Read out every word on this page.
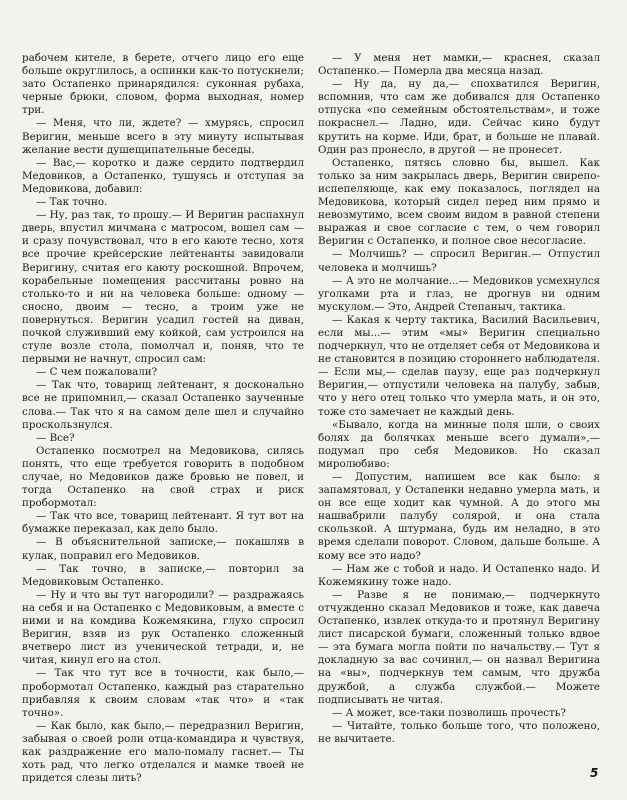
рабочем кителе, в берете, отчего лицо его еще больше округлилось, а оспинки как-то потускнели; зато Остапенко принарядился: суконная рубаха, черные брюки, словом, форма выходная, номер три.

— Меня, что ли, ждете? — хмурясь, спросил Веригин, меньше всего в эту минуту испытывая желание вести душещипательные беседы.

— Вас,— коротко и даже сердито подтвердил Медовиков, а Остапенко, тушуясь и отступая за Медовикова, добавил:

— Так точно.

— Ну, раз так, то прошу.— И Веригин распахнул дверь, впустил мичмана с матросом, вошел сам — и сразу почувствовал, что в его каюте тесно, хотя все прочие крейсерские лейтенанты завидовали Веригину, считая его каюту роскошной. Впрочем, корабельные помещения рассчитаны ровно на столько-то и ни на человека больше: одному — сносно, двоим — тесно, а троим уже не повернуться. Веригин усадил гостей на диван, почкой служивший ему койкой, сам устроился на стуле возле стола, помолчал и, поняв, что те первыми не начнут, спросил сам:

— С чем пожаловали?

— Так что, товарищ лейтенант, я доскональнo все не припомнил,— сказал Остапенко заученные слова.— Так что я на самом деле шел и случайно проскользнулся.

— Все?

Остапенко посмотрел на Медовикова, силясь понять, что еще требуется говорить в подобном случае, но Медовиков даже бровью не повел, и тогда Остапенко на свой страх и риск пробормотал:

— Так что все, товарищ лейтенант. Я тут вот на бумажке переказал, как дело было.

— В объяснительной записке,— покашляв в кулак, поправил его Медовиков.

— Так точно, в записке,— повторил за Медовиковым Остапенко.

— Ну и что вы тут нагородили? — раздражаясь на себя и на Остапенко с Медовиковым, а вместе с ними и на комдива Кожемякина, глухо спросил Веригин, взяв из рук Остапенко сложенный вчетверо лист из ученической тетради, и, не читая, кинул его на стол.

— Так что тут все в точности, как было,— пробормотал Остапенко, каждый раз старательно прибавляя к своим словам «так что» и «так точно».

— Как было, как было,— передразнил Веригин, забывая о своей роли отца-командира и чувствуя, как раздражение его мало-помалу гаснет.— Ты хоть рад, что легко отделался и мамке твоей не придется слезы лить?

— У меня нет мамки,— краснея, сказал Остапенко.— Померла два месяца назад.

— Ну да, ну да,— спохватился Веригин, вспомнив, что сам же добивался для Остапенко отпуска «по семейным обстоятельствам», и тоже покраснел.— Ладно, иди. Сейчас кино будут крутить на корме. Иди, брат, и больше не плавай. Один раз пронесло, в другой — не пронесет.

Остапенко, пятясь словно бы, вышел. Как только за ним закрылась дверь, Веригин свирепо-испепеляюще, как ему показалось, поглядел на Медовикова, который сидел перед ним прямо и невозмутимо, всем своим видом в равной степени выражая и свое согласие с тем, о чем говорил Веригин с Остапенко, и полное свое несогласие.

— Молчишь? — спросил Веригин.— Отпустил человека и молчишь?

— А это не молчание...— Медовиков усмехнулся уголками рта и глаз, не дрогнув ни одним мускулом.— Это, Андрей Степаныч, тактика.

— Какая к черту тактика, Василий Васильевич, если мы...— этим «мы» Веригин специально подчеркнул, что не отделяет себя от Медовикова и не становится в позицию стороннего наблюдателя.— Если мы,— сделав паузу, еще раз подчеркнул Веригин,— отпустили человека на палубу, забыв, что у него отец только что умерла мать, и он это, тоже сто замечает не каждый день.

«Бывало, когда на минные поля шли, о своих болях да болячках меньше всего думали»,— подумал про себя Медовиков. Но сказал миролюбиво:

— Допустим, напишем все как было: я запамятовал, у Остапенки недавно умерла мать, и он все еще ходит как чумной. А до этого мы нашвабрили палубу солярой, и она стала скользкой. А штурмана, будь им неладно, в это время сделали поворот. Словом, дальше больше. А кому все это надо?

— Нам же с тобой и надо. И Остапенко надо. И Кожемякину тоже надо.

— Разве я не понимаю,— подчеркнуто отчужденно сказал Медовиков и тоже, как давеча Остапенко, извлек откуда-то и протянул Веригину лист писарской бумаги, сложенный только вдвое — эта бумага могла пойти по начальству.— Тут я докладную за вас сочинил,— он назвал Веригина на «вы», подчеркнув тем самым, что дружба дружбой, а служба службой.— Можете подписывать не читая.

— А может, все-таки позволишь прочесть?

— Читайте, только больше того, что положено, не вычитаете.

5
